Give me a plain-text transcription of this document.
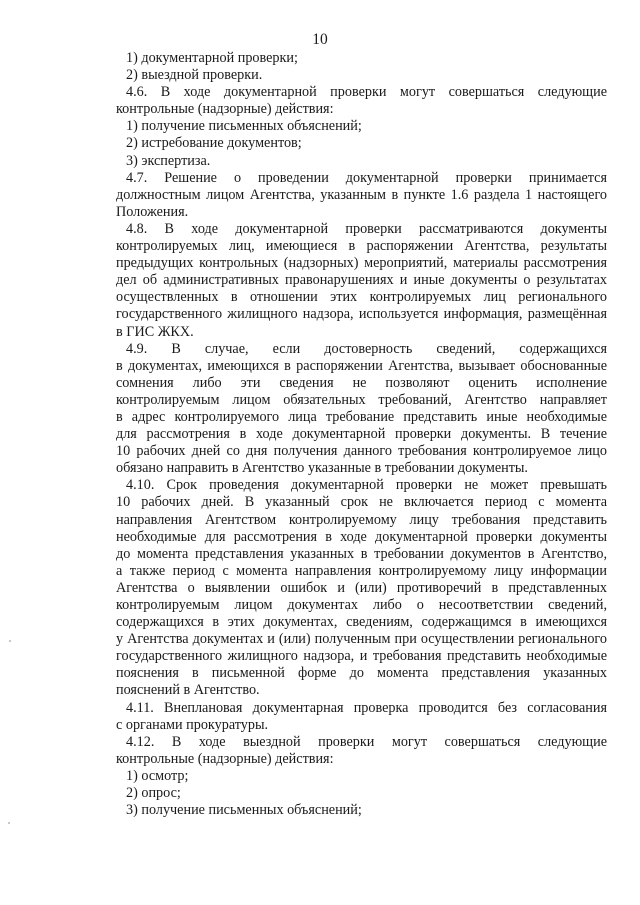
10
1) документарной проверки;
2) выездной проверки.
4.6. В ходе документарной проверки могут совершаться следующие
контрольные (надзорные) действия:
1) получение письменных объяснений;
2) истребование документов;
3) экспертиза.
4.7. Решение о проведении документарной проверки принимается
должностным лицом Агентства, указанным в пункте 1.6 раздела 1 настоящего
Положения.
4.8. В ходе документарной проверки рассматриваются документы
контролируемых лиц, имеющиеся в распоряжении Агентства, результаты
предыдущих контрольных (надзорных) мероприятий, материалы рассмотрения
дел об административных правонарушениях и иные документы о результатах
осуществленных в отношении этих контролируемых лиц регионального
государственного жилищного надзора, используется информация, размещённая
в ГИС ЖКХ.
4.9. В случае, если достоверность сведений, содержащихся
в документах, имеющихся в распоряжении Агентства, вызывает обоснованные
сомнения либо эти сведения не позволяют оценить исполнение
контролируемым лицом обязательных требований, Агентство направляет
в адрес контролируемого лица требование представить иные необходимые
для рассмотрения в ходе документарной проверки документы. В течение
10 рабочих дней со дня получения данного требования контролируемое лицо
обязано направить в Агентство указанные в требовании документы.
4.10. Срок проведения документарной проверки не может превышать
10 рабочих дней. В указанный срок не включается период с момента
направления Агентством контролируемому лицу требования представить
необходимые для рассмотрения в ходе документарной проверки документы
до момента представления указанных в требовании документов в Агентство,
а также период с момента направления контролируемому лицу информации
Агентства о выявлении ошибок и (или) противоречий в представленных
контролируемым лицом документах либо о несоответствии сведений,
содержащихся в этих документах, сведениям, содержащимся в имеющихся
у Агентства документах и (или) полученным при осуществлении регионального
государственного жилищного надзора, и требования представить необходимые
пояснения в письменной форме до момента представления указанных
пояснений в Агентство.
4.11. Внеплановая документарная проверка проводится без согласования
с органами прокуратуры.
4.12. В ходе выездной проверки могут совершаться следующие
контрольные (надзорные) действия:
1) осмотр;
2) опрос;
3) получение письменных объяснений;
